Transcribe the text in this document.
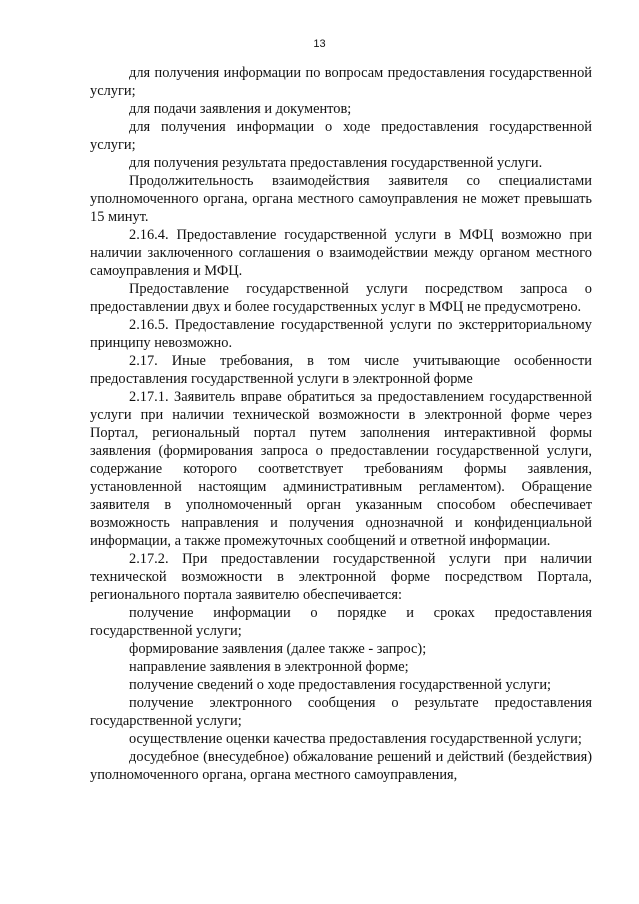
13

для получения информации по вопросам предоставления государственной услуги;

для подачи заявления и документов;

для получения информации о ходе предоставления государственной услуги;

для получения результата предоставления государственной услуги.

Продолжительность взаимодействия заявителя со специалистами уполномоченного органа, органа местного самоуправления не может превышать 15 минут.

2.16.4. Предоставление государственной услуги в МФЦ возможно при наличии заключенного соглашения о взаимодействии между органом местного самоуправления и МФЦ.

Предоставление государственной услуги посредством запроса о предоставлении двух и более государственных услуг в МФЦ не предусмотрено.

2.16.5. Предоставление государственной услуги по экстерриториальному принципу невозможно.

2.17. Иные требования, в том числе учитывающие особенности предоставления государственной услуги в электронной форме

2.17.1. Заявитель вправе обратиться за предоставлением государственной услуги при наличии технической возможности в электронной форме через Портал, региональный портал путем заполнения интерактивной формы заявления (формирования запроса о предоставлении государственной услуги, содержание которого соответствует требованиям формы заявления, установленной настоящим административным регламентом). Обращение заявителя в уполномоченный орган указанным способом обеспечивает возможность направления и получения однозначной и конфиденциальной информации, а также промежуточных сообщений и ответной информации.

2.17.2. При предоставлении государственной услуги при наличии технической возможности в электронной форме посредством Портала, регионального портала заявителю обеспечивается:

получение информации о порядке и сроках предоставления государственной услуги;

формирование заявления (далее также - запрос);

направление заявления в электронной форме;

получение сведений о ходе предоставления государственной услуги;

получение электронного сообщения о результате предоставления государственной услуги;

осуществление оценки качества предоставления государственной услуги;

досудебное (внесудебное) обжалование решений и действий (бездействия) уполномоченного органа, органа местного самоуправления,
